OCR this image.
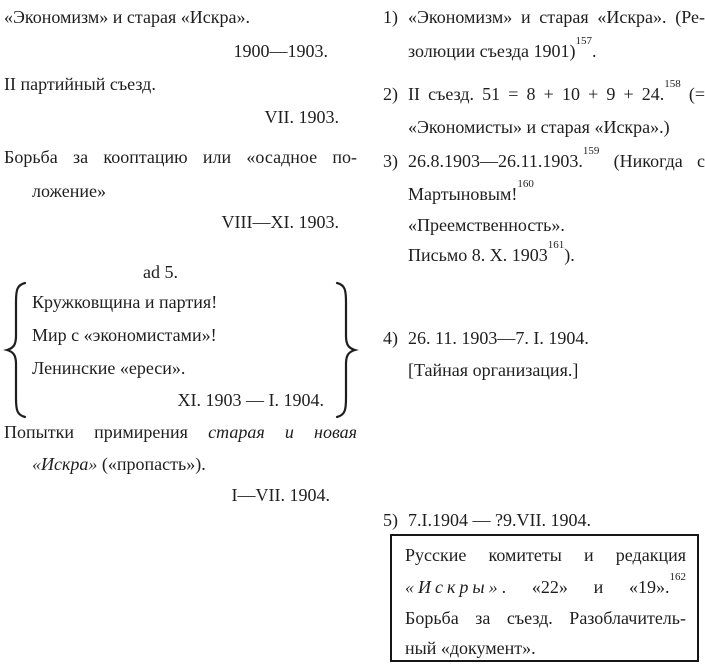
«Экономизм» и старая «Искра».
1900—1903.
II партийный съезд.
VII. 1903.
Борьба за кооптацию или «осадное по-
ложение»
VIII—XI. 1903.
ad 5.
Кружковщина и партия!
Мир с «экономистами»!
Ленинские «ереси».
XI. 1903 — I. 1904.
Попытки примирения старая и новая
«Искра» («пропасть»).
I—VII. 1904.
1) «Экономизм» и старая «Искра». (Ре-
золюции съезда 1901)$^{157}$.
2) II съезд. 51 = 8 + 10 + 9 + 24.$^{158}$ (=
«Экономисты» и старая «Искра».)
3) 26.8.1903—26.11.1903.$^{159}$ (Никогда с
Мартыновым!$^{160}$
«Преемственность».
Письмо 8. X. 1903$^{161}$).
4) 26. 11. 1903—7. I. 1904.
[Тайная организация.]
5) 7.I.1904 — ?9.VII. 1904.
Русские комитеты и редакция
«Искры». «22» и «19».$^{162}$
Борьба за съезд. Разоблачитель-
ный «документ».
